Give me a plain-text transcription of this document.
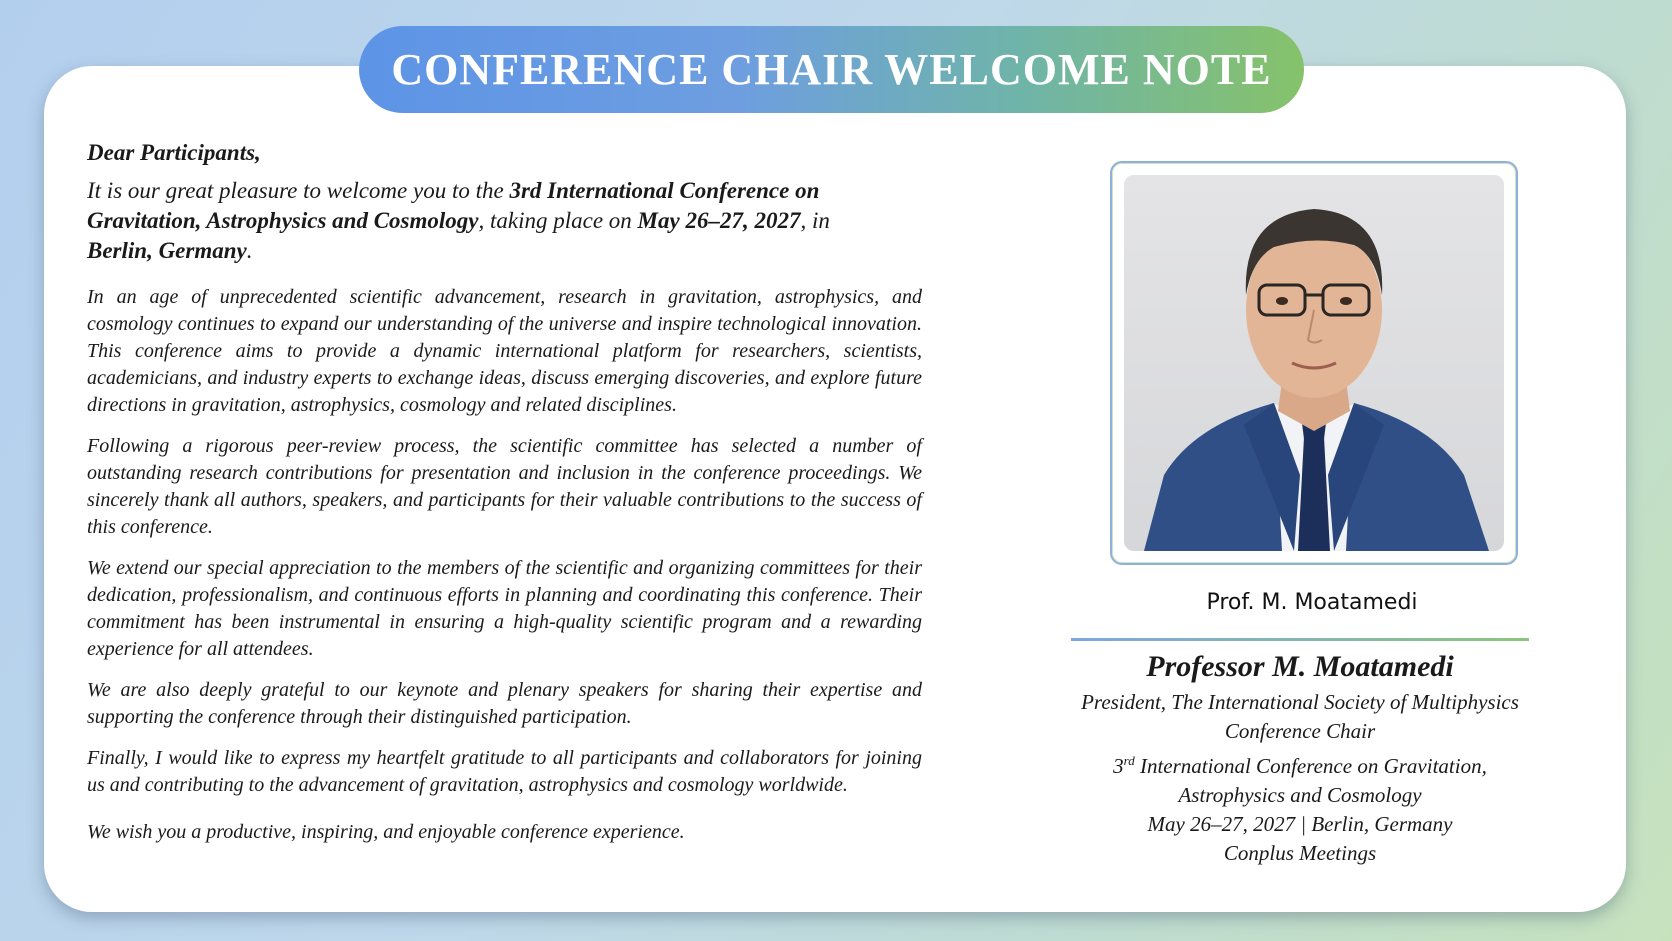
CONFERENCE CHAIR WELCOME NOTE

Dear Participants,

It is our great pleasure to welcome you to the 3rd International Conference on Gravitation, Astrophysics and Cosmology, taking place on May 26–27, 2027, in
Berlin, Germany.

In an age of unprecedented scientific advancement, research in gravitation, astrophysics, and cosmology continues to expand our understanding of the universe and inspire technological innovation. This conference aims to provide a dynamic international platform for researchers, scientists, academicians, and industry experts to exchange ideas, discuss emerging discoveries, and explore future directions in gravitation, astrophysics, cosmology and related disciplines.

Following a rigorous peer-review process, the scientific committee has selected a number of outstanding research contributions for presentation and inclusion in the conference proceedings. We sincerely thank all authors, speakers, and participants for their valuable contributions to the success of this conference.

We extend our special appreciation to the members of the scientific and organizing committees for their dedication, professionalism, and continuous efforts in planning and coordinating this conference. Their commitment has been instrumental in ensuring a high-quality scientific program and a rewarding experience for all attendees.

We are also deeply grateful to our keynote and plenary speakers for sharing their expertise and supporting the conference through their distinguished participation.

Finally, I would like to express my heartfelt gratitude to all participants and collaborators for joining us and contributing to the advancement of gravitation, astrophysics and cosmology worldwide.

We wish you a productive, inspiring, and enjoyable conference experience.

Prof. M. Moatamedi

Professor M. Moatamedi

President, The International Society of Multiphysics

Conference Chair

3rd International Conference on Gravitation,

Astrophysics and Cosmology

May 26–27, 2027 | Berlin, Germany

Conplus Meetings
